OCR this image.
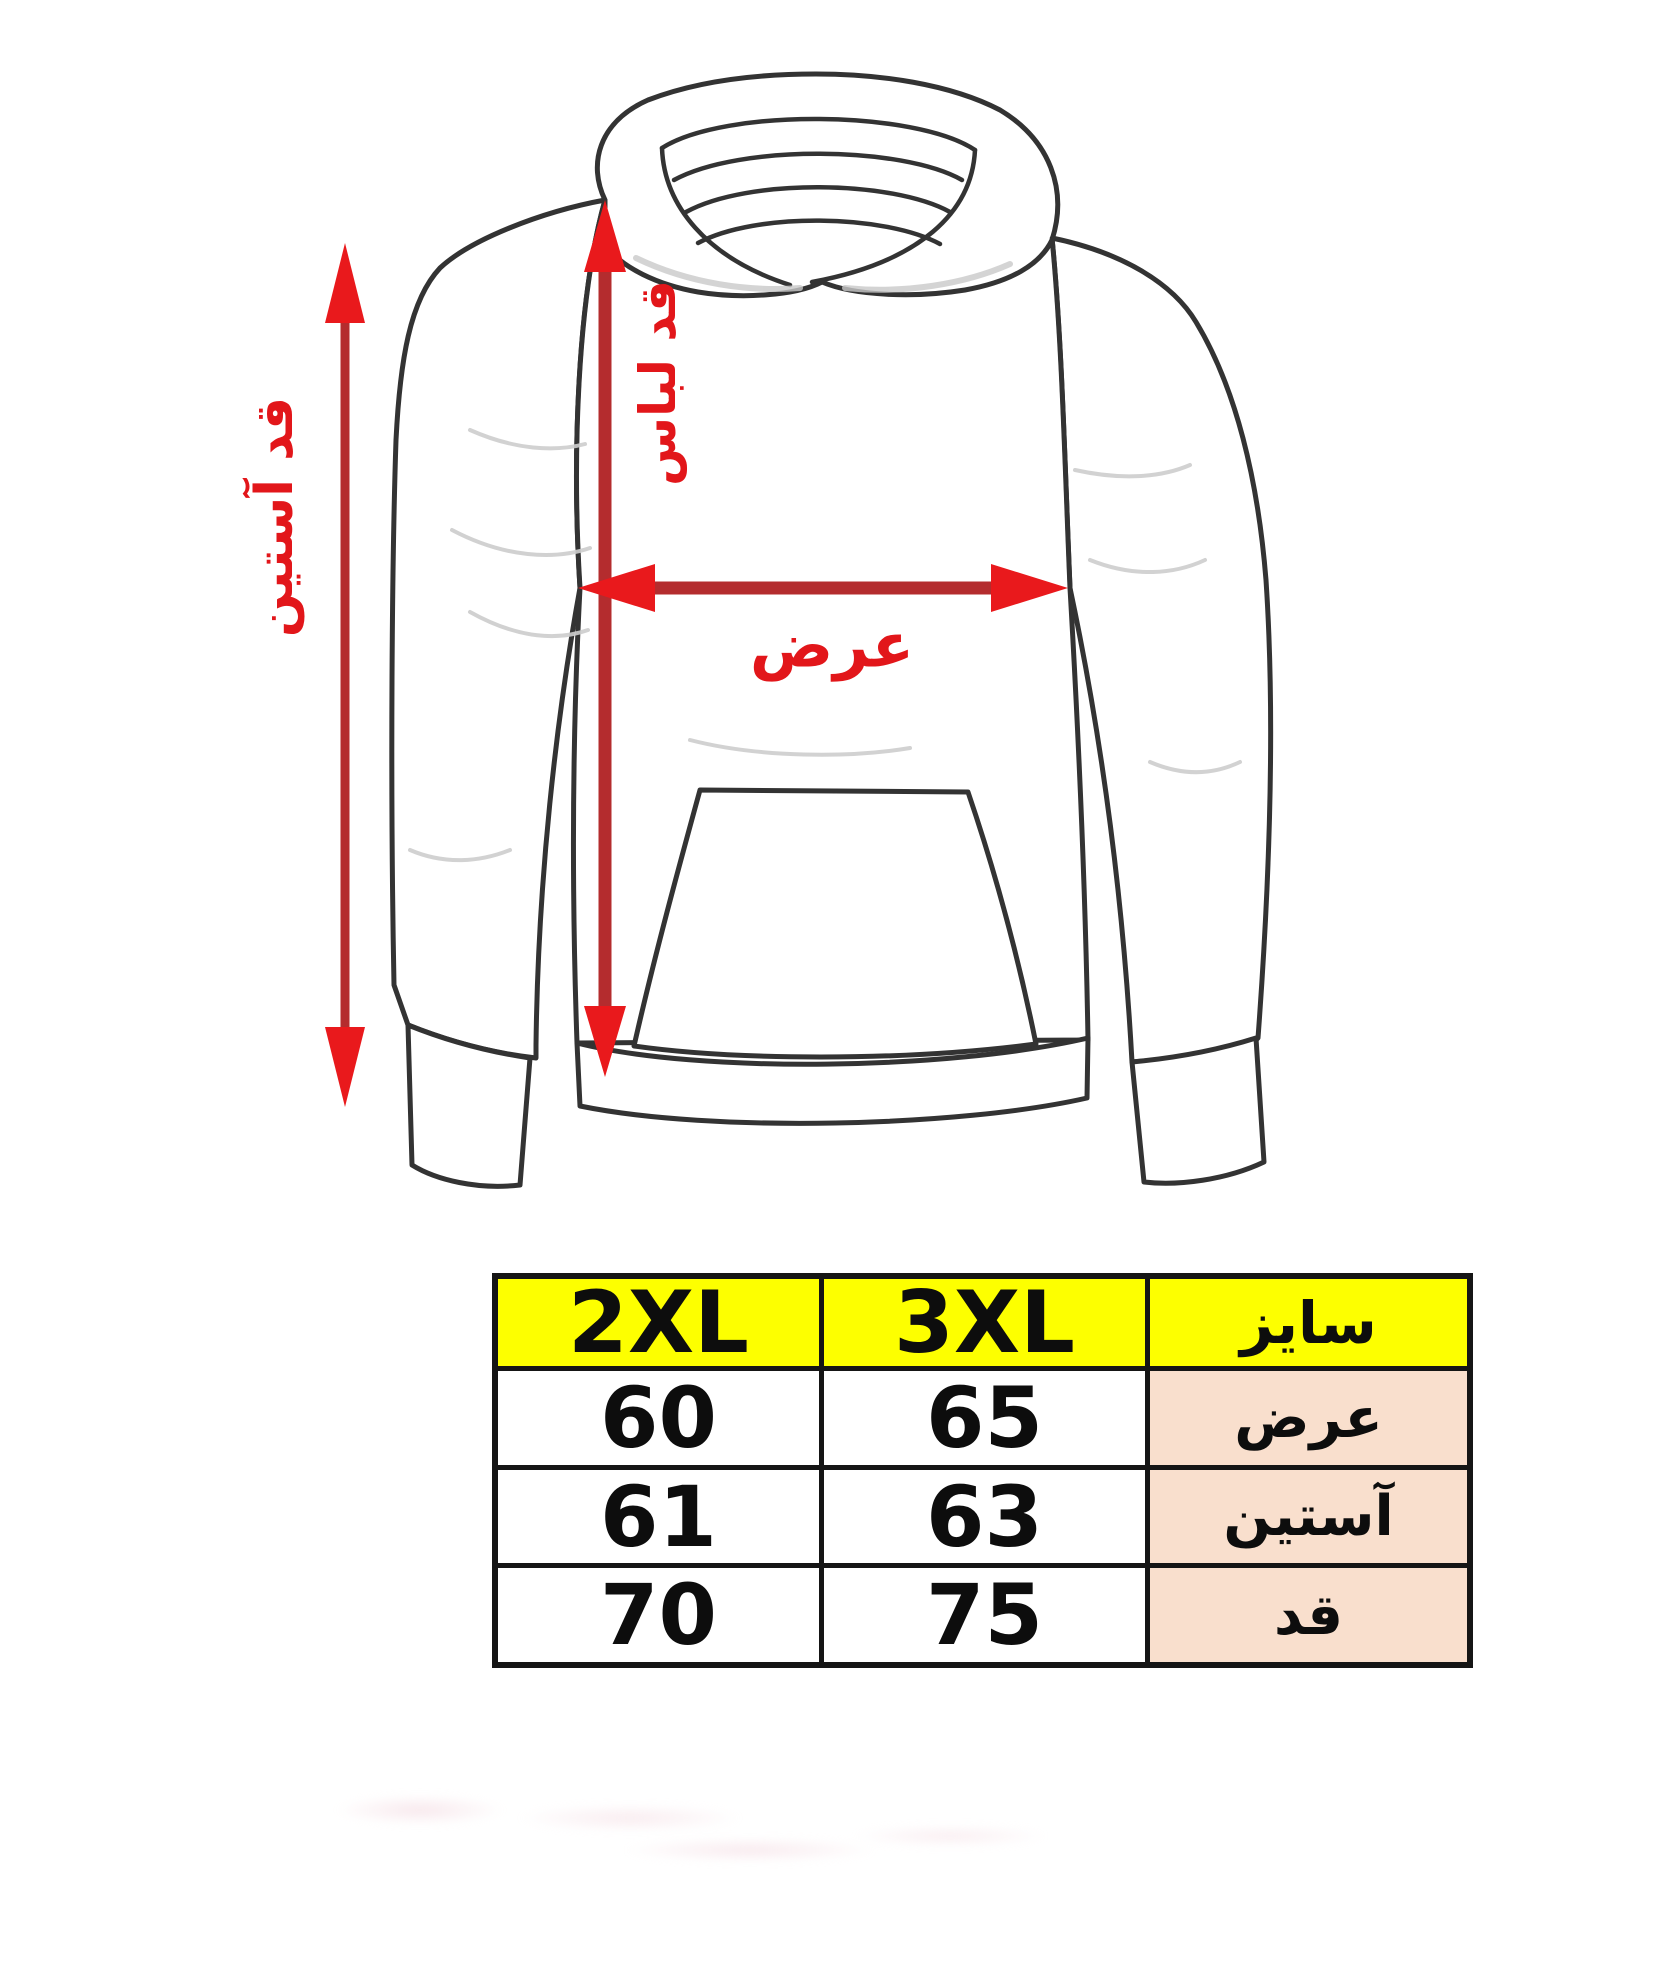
قد آستین
قد لباس
عرض
2XL	3XL	سایز
60	65	عرض
61	63	آستین
70	75	قد
